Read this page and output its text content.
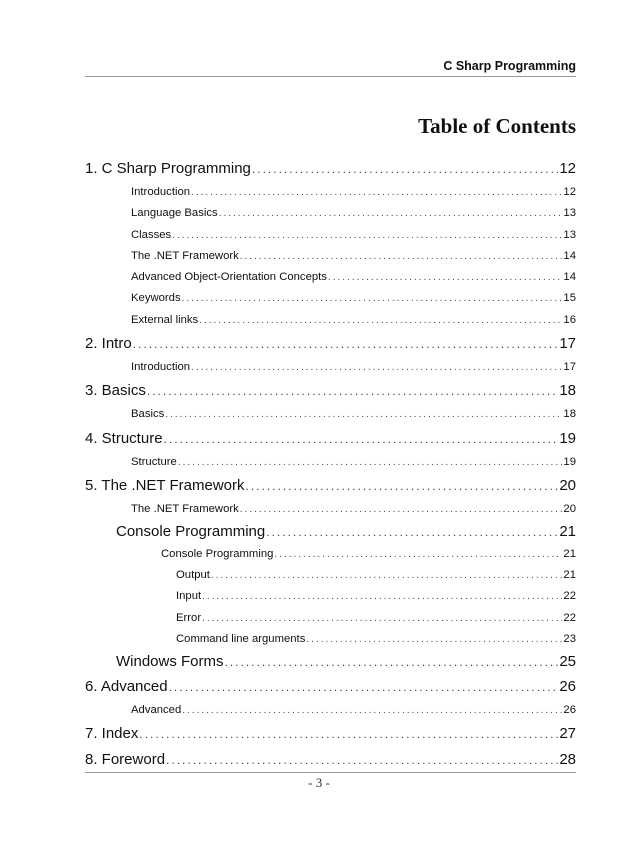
C Sharp Programming
Table of Contents
1. C Sharp Programming .....	12
Introduction .....	12
Language Basics .....	13
Classes .....	13
The .NET Framework .....	14
Advanced Object-Orientation Concepts .....	14
Keywords .....	15
External links .....	16
2. Intro .....	17
Introduction .....	17
3. Basics .....	18
Basics .....	18
4. Structure .....	19
Structure .....	19
5. The .NET Framework .....	20
The .NET Framework .....	20
Console Programming .....	21
Console Programming .....	21
Output .....	21
Input .....	22
Error .....	22
Command line arguments .....	23
Windows Forms .....	25
6. Advanced .....	26
Advanced .....	26
7. Index .....	27
8. Foreword .....	28
- 3 -
